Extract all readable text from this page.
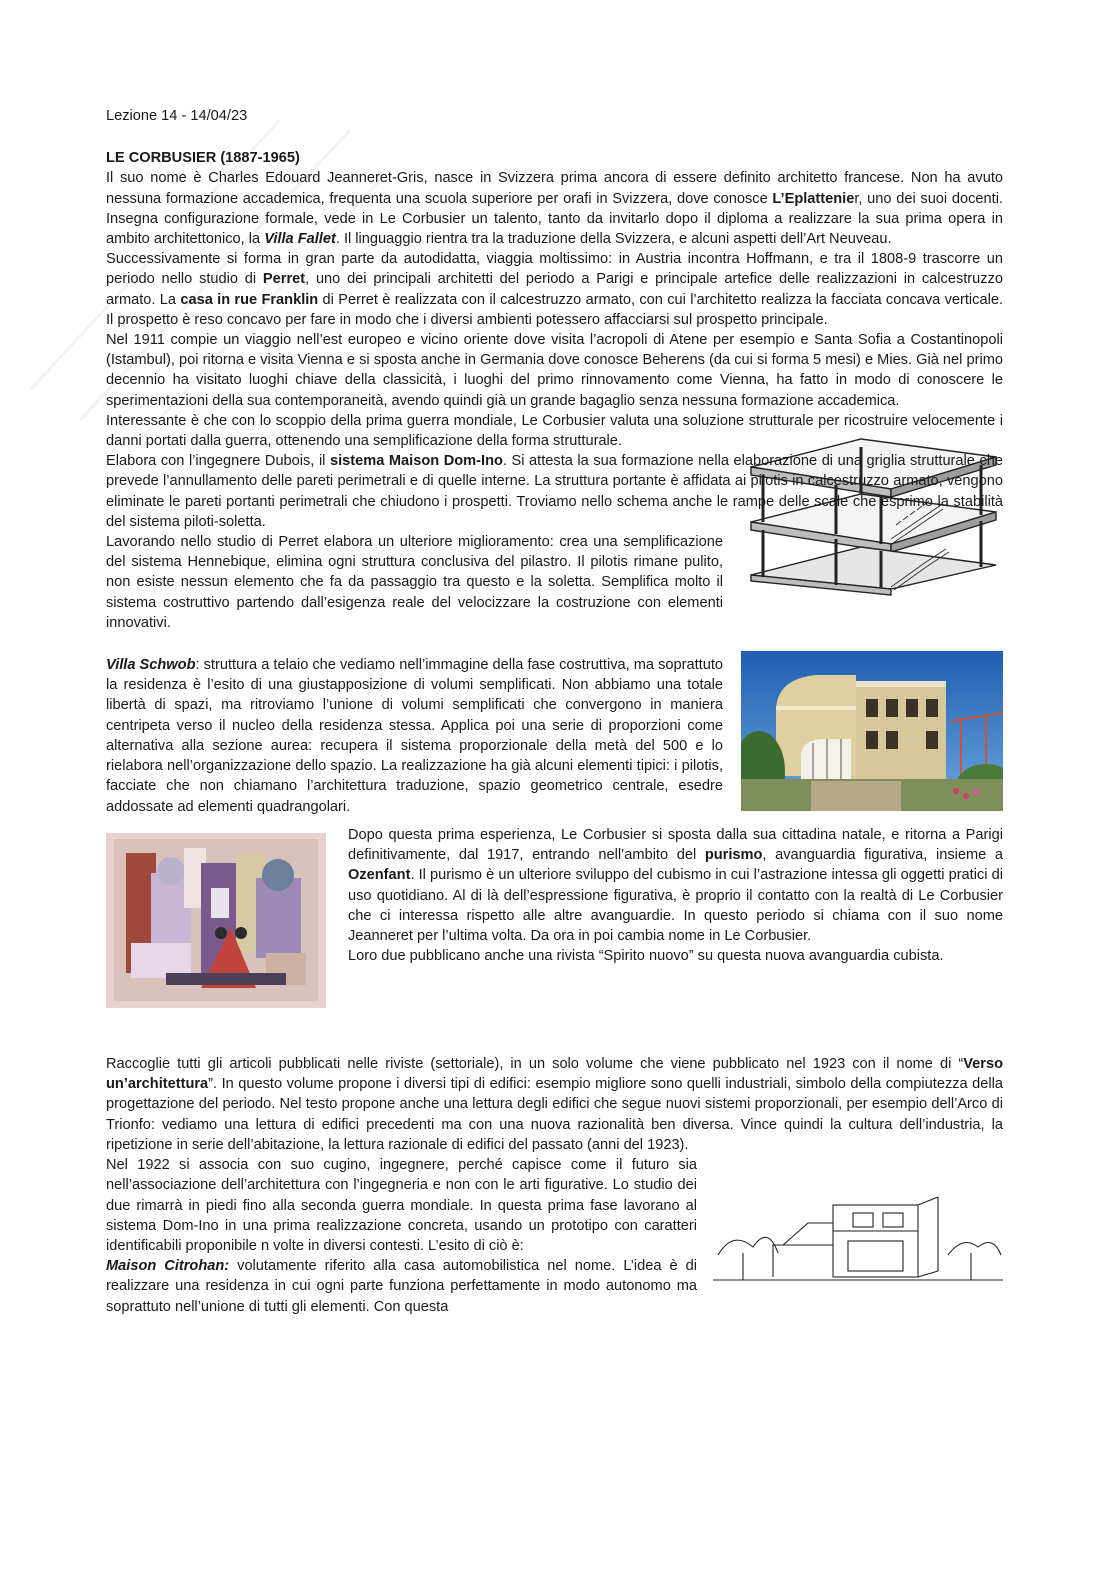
Lezione 14 - 14/04/23

LE CORBUSIER (1887-1965)

Il suo nome è Charles Edouard Jeanneret-Gris, nasce in Svizzera prima ancora di essere definito architetto francese. Non ha avuto nessuna formazione accademica, frequenta una scuola superiore per orafi in Svizzera, dove conosce L’Eplattenier, uno dei suoi docenti. Insegna configurazione formale, vede in Le Corbusier un talento, tanto da invitarlo dopo il diploma a realizzare la sua prima opera in ambito architettonico, la Villa Fallet. Il linguaggio rientra tra la traduzione della Svizzera, e alcuni aspetti dell’Art Neuveau.

Successivamente si forma in gran parte da autodidatta, viaggia moltissimo: in Austria incontra Hoffmann, e tra il 1808-9 trascorre un periodo nello studio di Perret, uno dei principali architetti del periodo a Parigi e principale artefice delle realizzazioni in calcestruzzo armato. La casa in rue Franklin di Perret è realizzata con il calcestruzzo armato, con cui l’architetto realizza la facciata concava verticale. Il prospetto è reso concavo per fare in modo che i diversi ambienti potessero affacciarsi sul prospetto principale.

Nel 1911 compie un viaggio nell’est europeo e vicino oriente dove visita l’acropoli di Atene per esempio e Santa Sofia a Costantinopoli (Istambul), poi ritorna e visita Vienna e si sposta anche in Germania dove conosce Beherens (da cui si forma 5 mesi) e Mies. Già nel primo decennio ha visitato luoghi chiave della classicità, i luoghi del primo rinnovamento come Vienna, ha fatto in modo di conoscere le sperimentazioni della sua contemporaneità, avendo quindi già un grande bagaglio senza nessuna formazione accademica.

Interessante è che con lo scoppio della prima guerra mondiale, Le Corbusier valuta una soluzione strutturale per ricostruire velocemente i danni portati dalla guerra, ottenendo una semplificazione della forma strutturale.

Elabora con l’ingegnere Dubois, il sistema Maison Dom-Ino. Si attesta la sua formazione nella elaborazione di una griglia strutturale che prevede l’annullamento delle pareti perimetrali e di quelle interne. La struttura portante è affidata ai pilotis in calcestruzzo armato, vengono eliminate le pareti portanti perimetrali che chiudono i prospetti. Troviamo nello schema anche le rampe delle scale che esprimo la stabilità del sistema piloti-soletta.

Lavorando nello studio di Perret elabora un ulteriore miglioramento: crea una semplificazione del sistema Hennebique, elimina ogni struttura conclusiva del pilastro. Il pilotis rimane pulito, non esiste nessun elemento che fa da passaggio tra questo e la soletta. Semplifica molto il sistema costruttivo partendo dall’esigenza reale del velocizzare la costruzione con elementi innovativi.

Villa Schwob: struttura a telaio che vediamo nell’immagine della fase costruttiva, ma soprattuto la residenza è l’esito di una giustapposizione di volumi semplificati. Non abbiamo una totale libertà di spazi, ma ritroviamo l’unione di volumi semplificati che convergono in maniera centripeta verso il nucleo della residenza stessa. Applica poi una serie di proporzioni come alternativa alla sezione aurea: recupera il sistema proporzionale della metà del 500 e lo rielabora nell’organizzazione dello spazio. La realizzazione ha già alcuni elementi tipici: i pilotis, facciate che non chiamano l’architettura traduzione, spazio geometrico centrale, esedre addossate ad elementi quadrangolari.

Dopo questa prima esperienza, Le Corbusier si sposta dalla sua cittadina natale, e ritorna a Parigi definitivamente, dal 1917, entrando nell’ambito del purismo, avanguardia figurativa, insieme a Ozenfant. Il purismo è un ulteriore sviluppo del cubismo in cui l’astrazione intessa gli oggetti pratici di uso quotidiano. Al di là dell’espressione figurativa, è proprio il contatto con la realtà di Le Corbusier che ci interessa rispetto alle altre avanguardie. In questo periodo si chiama con il suo nome Jeanneret per l’ultima volta. Da ora in poi cambia nome in Le Corbusier.

Loro due pubblicano anche una rivista “Spirito nuovo” su questa nuova avanguardia cubista.

Raccoglie tutti gli articoli pubblicati nelle riviste (settoriale), in un solo volume che viene pubblicato nel 1923 con il nome di “Verso un’architettura”. In questo volume propone i diversi tipi di edifici: esempio migliore sono quelli industriali, simbolo della compiutezza della progettazione del periodo. Nel testo propone anche una lettura degli edifici che segue nuovi sistemi proporzionali, per esempio dell’Arco di Trionfo: vediamo una lettura di edifici precedenti ma con una nuova razionalità ben diversa. Vince quindi la cultura dell’industria, la ripetizione in serie dell’abitazione, la lettura razionale di edifici del passato (anni del 1923).

Nel 1922 si associa con suo cugino, ingegnere, perché capisce come il futuro sia nell’associazione dell’architettura con l’ingegneria e non con le arti figurative. Lo studio dei due rimarrà in piedi fino alla seconda guerra mondiale. In questa prima fase lavorano al sistema Dom-Ino in una prima realizzazione concreta, usando un prototipo con caratteri identificabili proponibile n volte in diversi contesti. L’esito di ciò è:

Maison Citrohan: volutamente riferito alla casa automobilistica nel nome. L’idea è di realizzare una residenza in cui ogni parte funziona perfettamente in modo autonomo ma soprattuto nell’unione di tutti gli elementi. Con questa
